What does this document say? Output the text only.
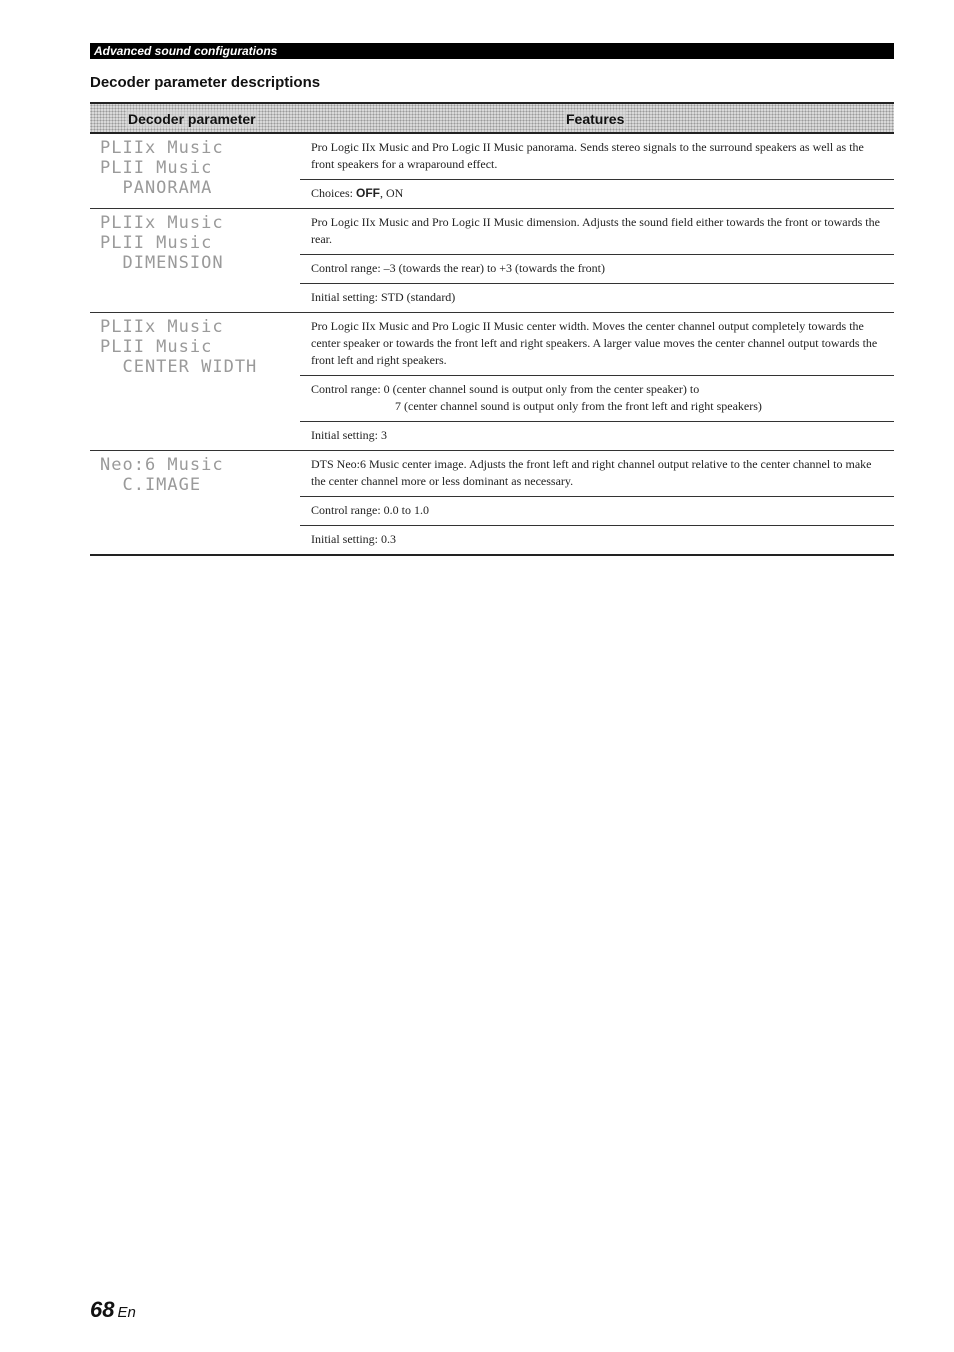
Advanced sound configurations
Decoder parameter descriptions
Decoder parameter	Features
PLIIx Music
PLII Music
PANORAMA
Pro Logic IIx Music and Pro Logic II Music panorama. Sends stereo signals to the surround speakers as well as the front speakers for a wraparound effect.
Choices: OFF, ON
PLIIx Music
PLII Music
DIMENSION
Pro Logic IIx Music and Pro Logic II Music dimension. Adjusts the sound field either towards the front or towards the rear.
Control range: –3 (towards the rear) to +3 (towards the front)
Initial setting: STD (standard)
PLIIx Music
PLII Music
CENTER WIDTH
Pro Logic IIx Music and Pro Logic II Music center width. Moves the center channel output completely towards the center speaker or towards the front left and right speakers. A larger value moves the center channel output towards the front left and right speakers.
Control range: 0 (center channel sound is output only from the center speaker) to
7 (center channel sound is output only from the front left and right speakers)
Initial setting: 3
Neo:6 Music
C.IMAGE
DTS Neo:6 Music center image. Adjusts the front left and right channel output relative to the center channel to make the center channel more or less dominant as necessary.
Control range: 0.0 to 1.0
Initial setting: 0.3
68 En
